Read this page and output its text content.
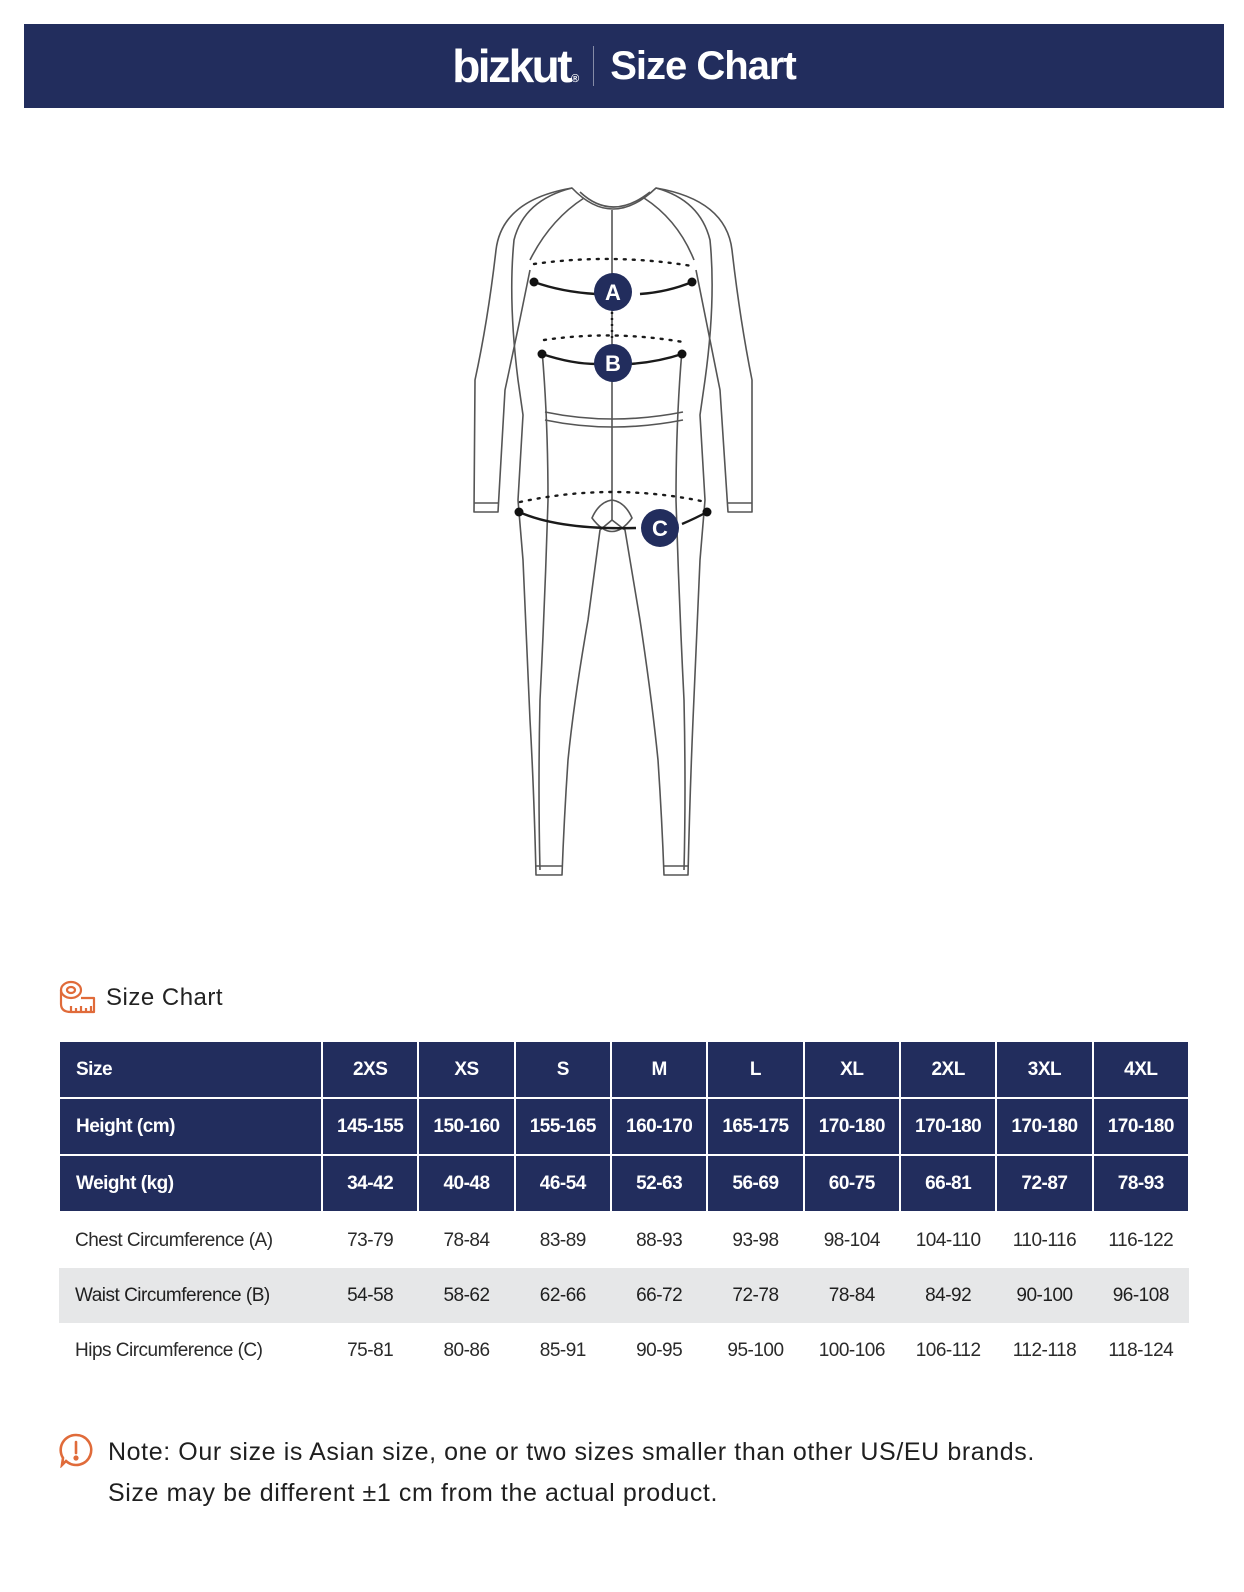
bizkut® Size Chart
A
B
C
Size Chart
Size	2XS	XS	S	M	L	XL	2XL	3XL	4XL
Height (cm)	145-155	150-160	155-165	160-170	165-175	170-180	170-180	170-180	170-180
Weight (kg)	34-42	40-48	46-54	52-63	56-69	60-75	66-81	72-87	78-93
Chest Circumference (A)	73-79	78-84	83-89	88-93	93-98	98-104	104-110	110-116	116-122
Waist Circumference (B)	54-58	58-62	62-66	66-72	72-78	78-84	84-92	90-100	96-108
Hips Circumference (C)	75-81	80-86	85-91	90-95	95-100	100-106	106-112	112-118	118-124
Note: Our size is Asian size, one or two sizes smaller than other US/EU brands.
Size may be different ±1 cm from the actual product.
